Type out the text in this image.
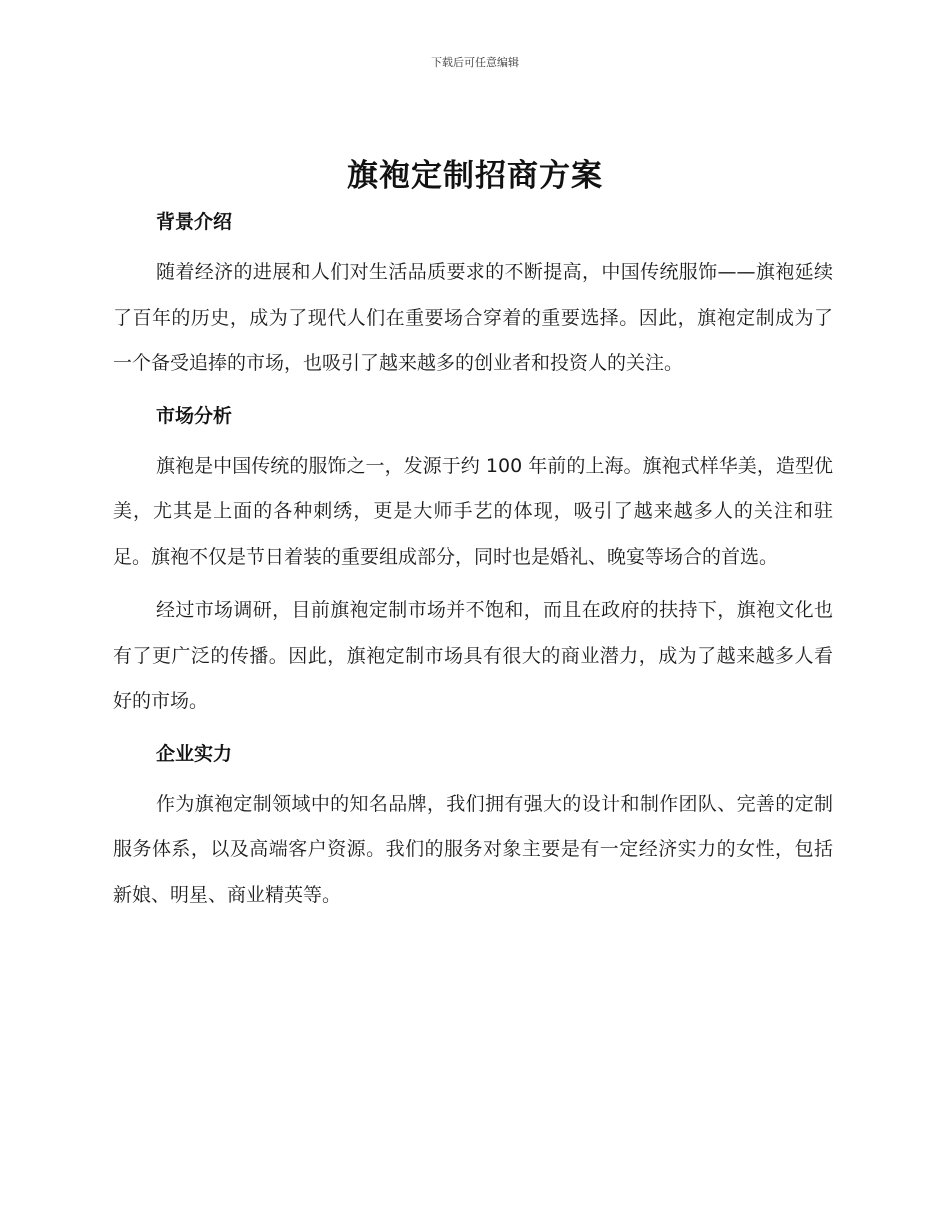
下载后可任意编辑
旗袍定制招商方案
背景介绍

随着经济的进展和人们对生活品质要求的不断提高，中国传统服饰——旗袍延续了百年的历史，成为了现代人们在重要场合穿着的重要选择。因此，旗袍定制成为了一个备受追捧的市场，也吸引了越来越多的创业者和投资人的关注。

市场分析

旗袍是中国传统的服饰之一，发源于约 100 年前的上海。旗袍式样华美，造型优美，尤其是上面的各种刺绣，更是大师手艺的体现，吸引了越来越多人的关注和驻足。旗袍不仅是节日着装的重要组成部分，同时也是婚礼、晚宴等场合的首选。

经过市场调研，目前旗袍定制市场并不饱和，而且在政府的扶持下，旗袍文化也有了更广泛的传播。因此，旗袍定制市场具有很大的商业潜力，成为了越来越多人看好的市场。

企业实力

作为旗袍定制领域中的知名品牌，我们拥有强大的设计和制作团队、完善的定制服务体系，以及高端客户资源。我们的服务对象主要是有一定经济实力的女性，包括新娘、明星、商业精英等。
